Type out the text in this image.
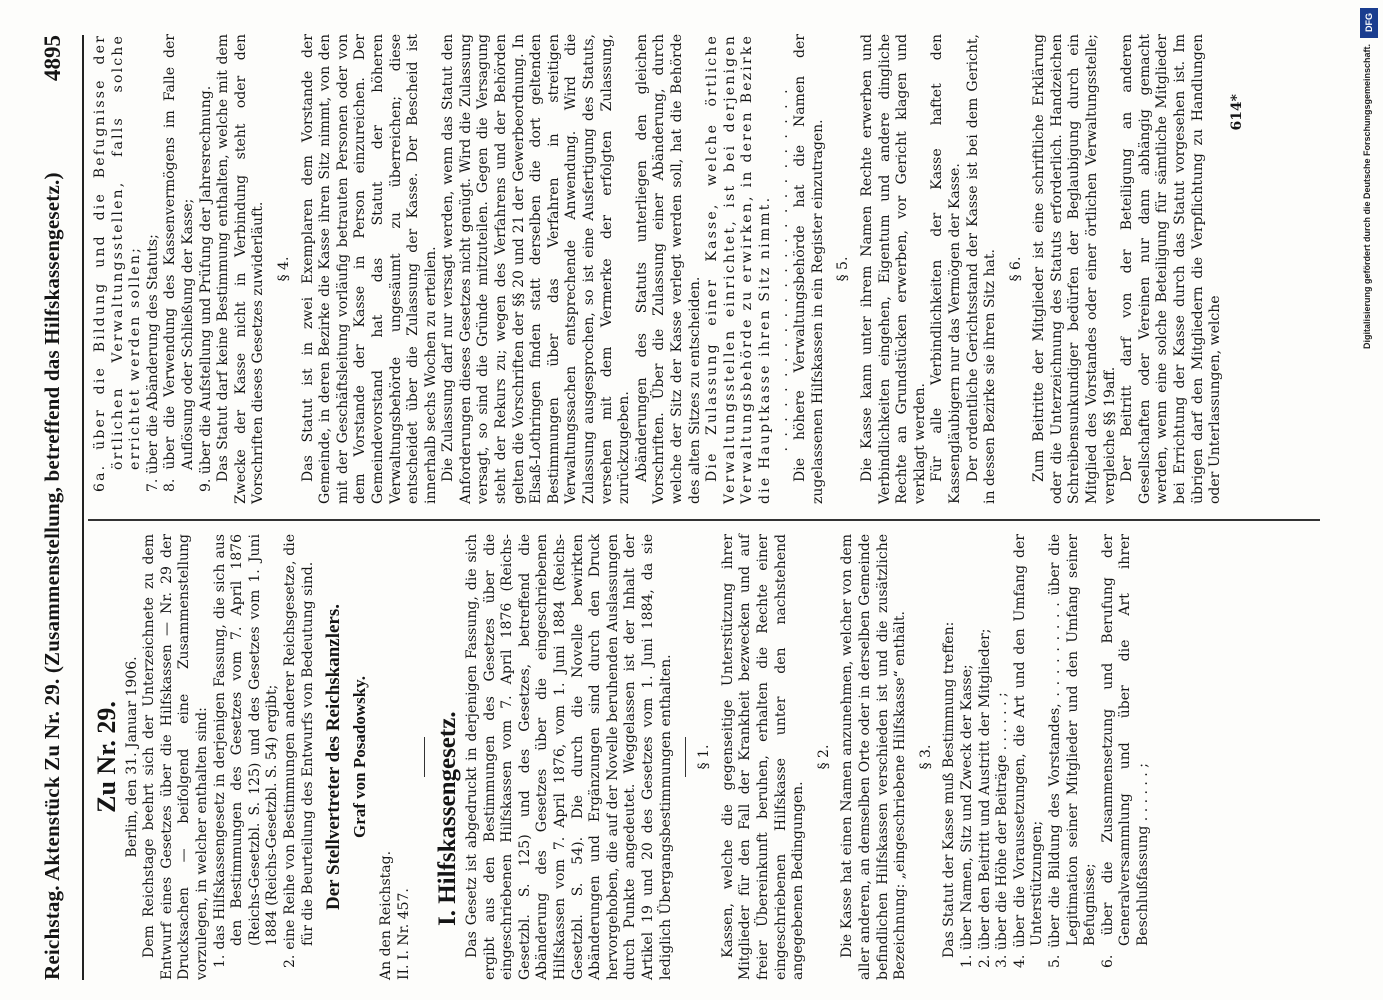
Reichstag. Aktenstück Zu Nr. 29. (Zusammenstellung, betreffend das Hilfskassengesetz.)
4895
Zu Nr. 29. Berlin, den 31. Januar 1906. Dem Reichstage beehrt sich der Unterzeichnete zu dem Entwurf eines Gesetzes über die Hilfskassen — Nr. 29 der Drucksachen — beifolgend eine Zusammenstellung vorzulegen, in welcher enthalten sind: 1. das Hilfskassengesetz in derjenigen Fassung, die sich aus den Bestimmungen des Gesetzes vom 7. April 1876 (Reichs-Gesetzbl. S. 125) und des Gesetzes vom 1. Juni 1884 (Reichs-Gesetzbl. S. 54) ergibt; 2. eine Reihe von Bestimmungen anderer Reichsgesetze, die für die Beurteilung des Entwurfs von Bedeutung sind. Der Stellvertreter des Reichskanzlers. Graf von Posadowsky.
An den Reichstag. II. I. Nr. 457.
I. Hilfskassengesetz. Das Gesetz ist abgedruckt in derjenigen Fassung, die sich ergibt aus den Bestimmungen des Gesetzes über die eingeschriebenen Hilfskassen vom 7. April 1876 (Reichs-Gesetzbl. S. 125) und des Gesetzes, betreffend die Abänderung des Gesetzes über die eingeschriebenen Hilfskassen vom 7. April 1876, vom 1. Juni 1884 (Reichs-Gesetzbl. S. 54). Die durch die Novelle bewirkten Abänderungen und Ergänzungen sind durch den Druck hervorgehoben, die auf der Novelle beruhenden Auslassungen durch Punkte angedeutet. Weggelassen ist der Inhalt der Artikel 19 und 20 des Gesetzes vom 1. Juni 1884, da sie lediglich Übergangsbestimmungen enthalten. § 1. Kassen, welche die gegenseitige Unterstützung ihrer Mitglieder für den Fall der Krankheit bezwecken und auf freier Übereinkunft beruhen, erhalten die Rechte einer eingeschriebenen Hilfskasse unter den nachstehend angegebenen Bedingungen.

§ 2. Die Kasse hat einen Namen anzunehmen, welcher von dem aller anderen, an demselben Orte oder in derselben Gemeinde befindlichen Hilfskassen verschieden ist und die zusätzliche Bezeichnung: „eingeschriebene Hilfskasse“ enthält. § 3. Das Statut der Kasse muß Bestimmung treffen: 1. über Namen, Sitz und Zweck der Kasse; 2. über den Beitritt und Austritt der Mitglieder; 3. über die Höhe der Beiträge . . . . . . ; 4. über die Voraussetzungen, die Art und den Umfang der Unterstützungen; 5. über die Bildung des Vorstandes, . . . . . . . . . über die Legitimation seiner Mitglieder und den Umfang seiner Befugnisse; 6. über die Zusammensetzung und Berufung der Generalversammlung und über die Art ihrer Beschlußfassung . . . . . . ;

6a. über die Bildung und die Befugnisse der örtlichen Verwaltungsstellen, falls solche errichtet werden sollen; 7. über die Abänderung des Statuts; 8. über die Verwendung des Kassenvermögens im Falle der Auflösung oder Schließung der Kasse; 9. über die Aufstellung und Prüfung der Jahresrechnung. Das Statut darf keine Bestimmung enthalten, welche mit dem Zwecke der Kasse nicht in Verbindung steht oder den Vorschriften dieses Gesetzes zuwiderläuft. § 4. Das Statut ist in zwei Exemplaren dem Vorstande der Gemeinde, in deren Bezirke die Kasse ihren Sitz nimmt, von den mit der Geschäftsleitung vorläufig betrauten Personen oder von dem Vorstande der Kasse in Person einzureichen. Der Gemeindevorstand hat das Statut der höheren Verwaltungsbehörde ungesäumt zu überreichen; diese entscheidet über die Zulassung der Kasse. Der Bescheid ist innerhalb sechs Wochen zu erteilen. Die Zulassung darf nur versagt werden, wenn das Statut den Anforderungen dieses Gesetzes nicht genügt. Wird die Zulassung versagt, so sind die Gründe mitzuteilen. Gegen die Versagung steht der Rekurs zu; wegen des Verfahrens und der Behörden gelten die Vorschriften der §§ 20 und 21 der Gewerbeordnung. In Elsaß-Lothringen finden statt derselben die dort geltenden Bestimmungen über das Verfahren in streitigen Verwaltungssachen entsprechende Anwendung. Wird die Zulassung ausgesprochen, so ist eine Ausfertigung des Statuts, versehen mit dem Vermerke der erfolgten Zulassung, zurückzugeben. Abänderungen des Statuts unterliegen den gleichen Vorschriften. Über die Zulassung einer Abänderung, durch welche der Sitz der Kasse verlegt werden soll, hat die Behörde des alten Sitzes zu entscheiden. Die Zulassung einer Kasse, welche örtliche Verwaltungsstellen einrichtet, ist bei derjenigen Verwaltungsbehörde zu erwirken, in deren Bezirke die Hauptkasse ihren Sitz nimmt. . . . . . . . . . . . . . . . . . . . . . . . . . Die höhere Verwaltungsbehörde hat die Namen der zugelassenen Hilfskassen in ein Register einzutragen. § 5. Die Kasse kann unter ihrem Namen Rechte erwerben und Verbindlichkeiten eingehen, Eigentum und andere dingliche Rechte an Grundstücken erwerben, vor Gericht klagen und verklagt werden. Für alle Verbindlichkeiten der Kasse haftet den Kassengläubigern nur das Vermögen der Kasse. Der ordentliche Gerichtsstand der Kasse ist bei dem Gericht, in dessen Bezirke sie ihren Sitz hat. § 6. Zum Beitritte der Mitglieder ist eine schriftliche Erklärung oder die Unterzeichnung des Statuts erforderlich. Handzeichen Schreibensunkundiger bedürfen der Beglaubigung durch ein Mitglied des Vorstandes oder einer örtlichen Verwaltungsstelle; vergleiche §§ 19aff. Der Beitritt darf von der Beteiligung an anderen Gesellschaften oder Vereinen nur dann abhängig gemacht werden, wenn eine solche Beteiligung für sämtliche Mitglieder bei Errichtung der Kasse durch das Statut vorgesehen ist. Im übrigen darf den Mitgliedern die Verpflichtung zu Handlungen oder Unterlassungen, welche

614*
DFG
Digitalisierung gefördert durch die Deutsche Forschungsgemeinschaft.
